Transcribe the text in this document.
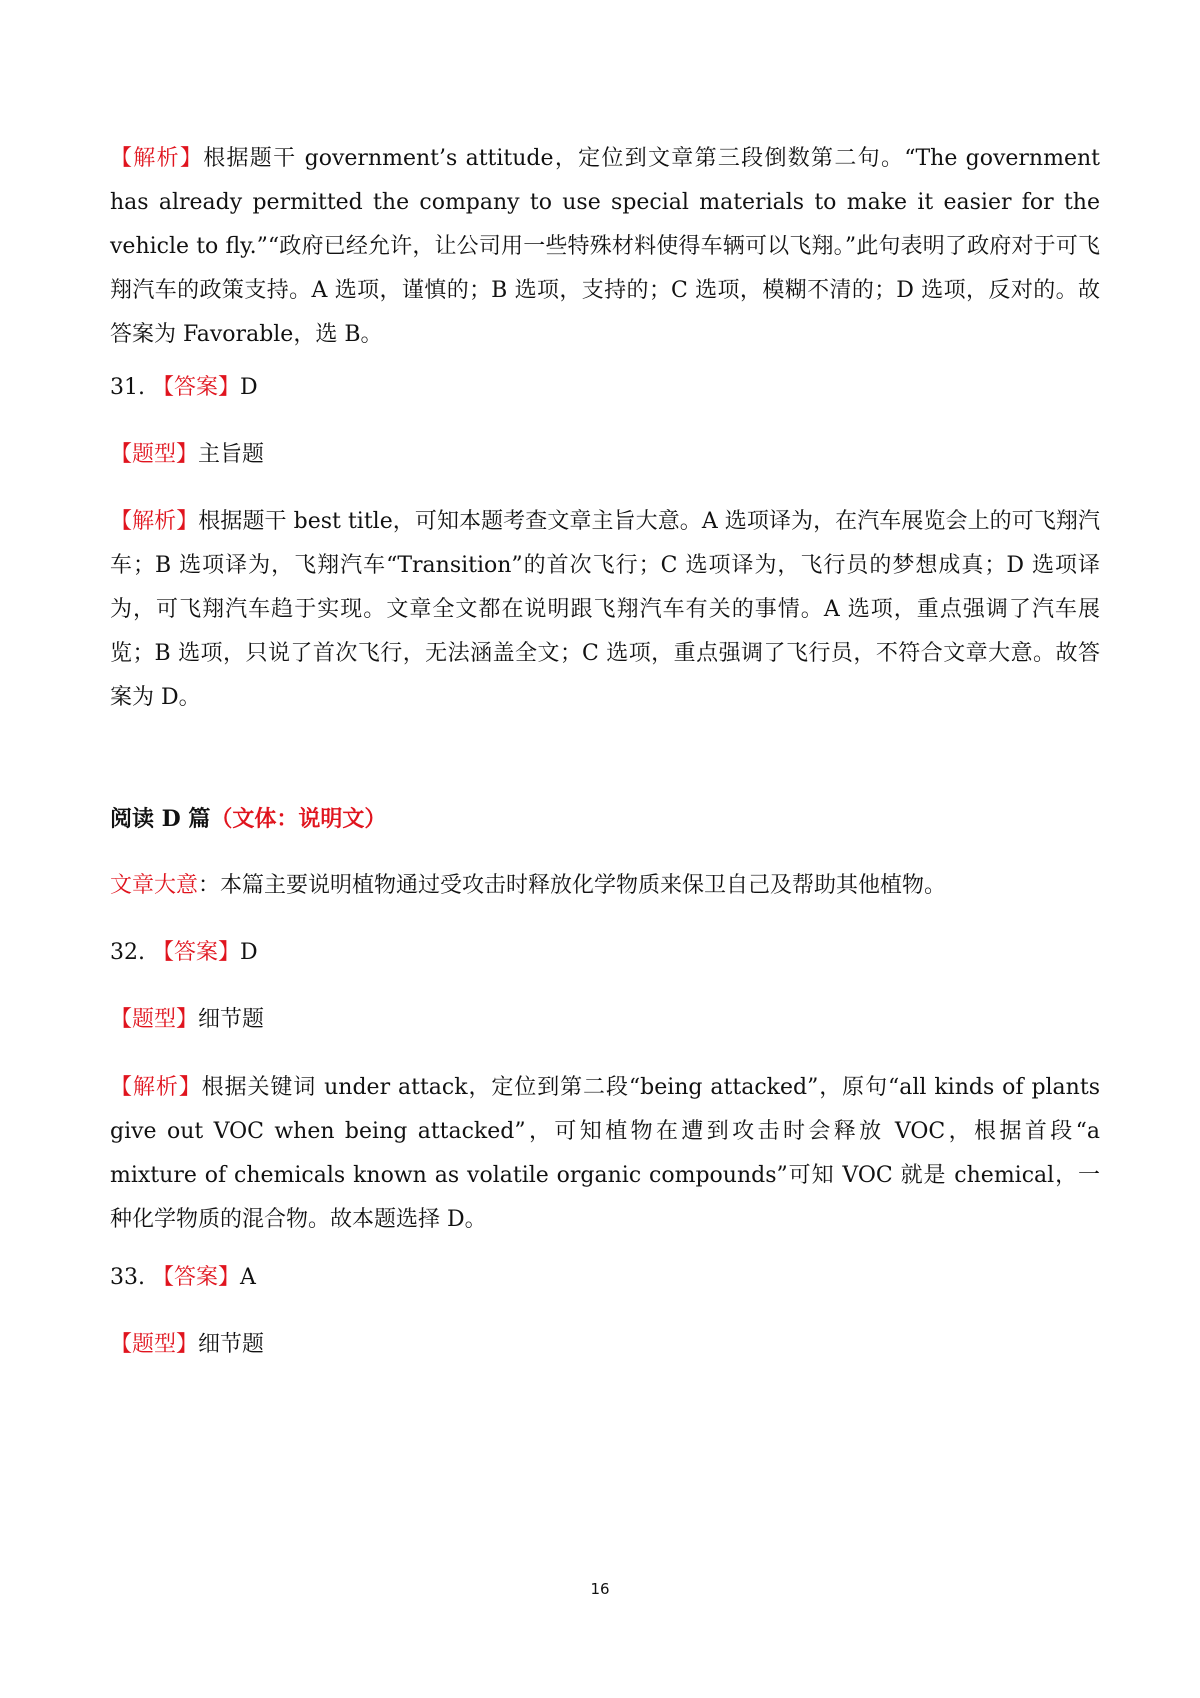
【解析】根据题干 government’s attitude，定位到文章第三段倒数第二句。“The government has already permitted the company to use special materials to make it easier for the vehicle to fly.”“政府已经允许，让公司用一些特殊材料使得车辆可以飞翔。”此句表明了政府对于可飞翔汽车的政策支持。A 选项，谨慎的；B 选项，支持的；C 选项，模糊不清的；D 选项，反对的。故答案为 Favorable，选 B。
31. 【答案】D
【题型】主旨题
【解析】根据题干 best title，可知本题考查文章主旨大意。A 选项译为，在汽车展览会上的可飞翔汽车；B 选项译为，飞翔汽车“Transition”的首次飞行；C 选项译为，飞行员的梦想成真；D 选项译为，可飞翔汽车趋于实现。文章全文都在说明跟飞翔汽车有关的事情。A 选项，重点强调了汽车展览；B 选项，只说了首次飞行，无法涵盖全文；C 选项，重点强调了飞行员，不符合文章大意。故答案为 D。
阅读 D 篇（文体：说明文）
文章大意：本篇主要说明植物通过受攻击时释放化学物质来保卫自己及帮助其他植物。
32. 【答案】D
【题型】细节题
【解析】根据关键词 under attack，定位到第二段“being attacked”，原句“all kinds of plants give out VOC when being attacked”，可知植物在遭到攻击时会释放 VOC，根据首段“a mixture of chemicals known as volatile organic compounds”可知 VOC 就是 chemical，一种化学物质的混合物。故本题选择 D。
33. 【答案】A
【题型】细节题
16
